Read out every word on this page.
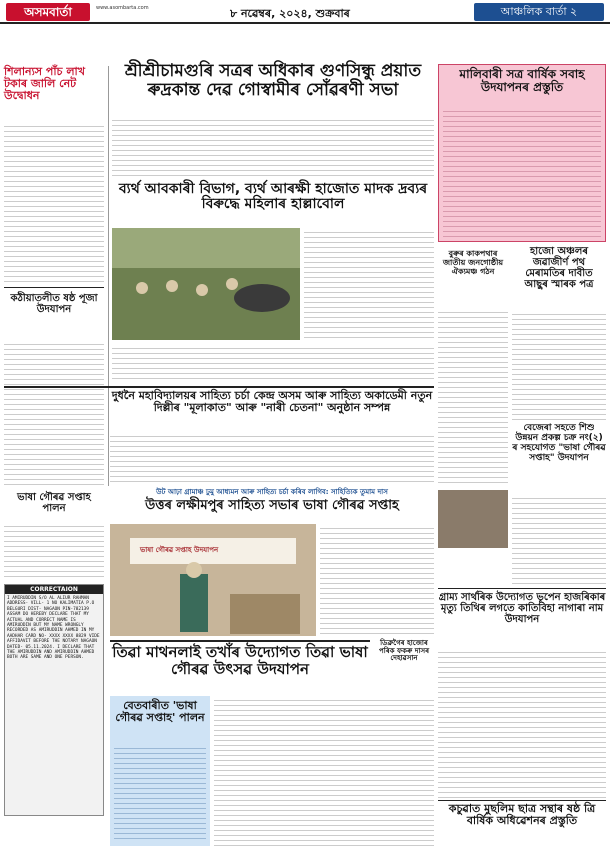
অসমবাৰ্তা	www.asombarta.com	৮ নৱেম্বৰ, ২০২৪, শুক্ৰবাৰ	আঞ্চলিক বাৰ্তা ২
শিলান্যস পাঁচ লাখ টকাৰ জালি নেট উদ্বোধন
কঠীয়াতলীত ষষ্ঠ পূজা উদযাপন
শ্ৰীশ্ৰীচামগুৰি সত্ৰৰ অধিকাৰ গুণসিন্ধু প্ৰয়াত ৰুদ্ৰকান্ত দেৱ গোস্বামীৰ সোঁৱৰণী সভা
মালিবাৰী সত্ৰ বাৰ্ষিক সবাহ উদযাপনৰ প্ৰস্তুতি
ব্যৰ্থ আবকাৰী বিভাগ, ব্যৰ্থ আৰক্ষী হাজোত মাদক দ্ৰব্যৰ বিৰুদ্ধে মহিলাৰ হাল্লাবোল
বুৰুৰ কাকপথাৰ জাতীয় জনগোষ্ঠীয় ঐক্যমঞ্চ গঠন
হাজো অঞ্চলৰ জৱাজীৰ্ণ পথ মেৰামতিৰ দাবীত আছুৰ স্মাৰক পত্ৰ
দুধনৈ মহাবিদ্যালয়ৰ সাহিত্য চৰ্চা কেন্দ্ৰ অসম আৰু সাহিত্য অকাডেমী নতুন দিল্লীৰ "মূলাকাত" আৰু "নাৰী চেতনা" অনুষ্ঠান সম্পন্ন
ভাষা গৌৰৱ সপ্তাহ পালন
CORRECTAION
I AMIRUDDIN S/O AL ALIUR RAHMAN ADDRESS- VILL- 1 NO KALIMATIA P.O BELGURI DIST- NAGAON PIN-782139 ASSAM DO HEREBY DECLARE THAT MY ACTUAL AND CORRECT NAME IS AMIRUDDIN BUT MY NAME WRONGLY RECORDED AS AMIRUDDIN AHMED IN MY AADHAR CARD NO- XXXX XXXX 8829 VIDE AFFIDAVIT BEFORE THE NOTARY NAGAON DATED- 05.11.2024. I DECLARE THAT THE AMIRUDDIN AND AMIRUDDIN AHMED BOTH ARE SAME AND ONE PERSON.
উট আঢ়া গ্ৰামাঞ্চ ঢুমু আধ্যমন আৰু সাহিত্য চৰ্চা কৰিব লাগিব: সাহিত্যিক তুমাম দাস
উত্তৰ লক্ষীমপুৰ সাহিত্য সভাৰ ভাষা গৌৰৱ সপ্তাহ
ভাষা গৌৰৱ সপ্তাহ উদযাপন
ডিব্ৰুগৈৰ হাজোৰ পৰিক ফকৰু দাসৰ দেহাৱসান
বেজেৰা সহতে শিশু উন্নয়ন প্ৰকল্প চক্ৰ নং(২) ৰ সহযোগত "ভাষা গৌৰৱ সপ্তাহ" উদযাপন
গ্ৰাম্য সাৰ্থৰিক উদ্যোগত ভূপেন হাজৰিকাৰ মৃত্যু তিথিৰ লগতে কাতিবিহা নাগাৰা নাম উদযাপন
তিৱা মাথনলাই তখাঁৰ উদ্যোগত তিৱা ভাষা গৌৰৱ উৎসৱ উদযাপন
বেতবাৰীত 'ভাষা গৌৰৱ সপ্তাহ' পালন
কচুৱাত মুছলিম ছাত্ৰ সন্থাৰ ষষ্ঠ ত্ৰি বাৰ্ষিক অধিৱেশনৰ প্ৰস্তুতি
